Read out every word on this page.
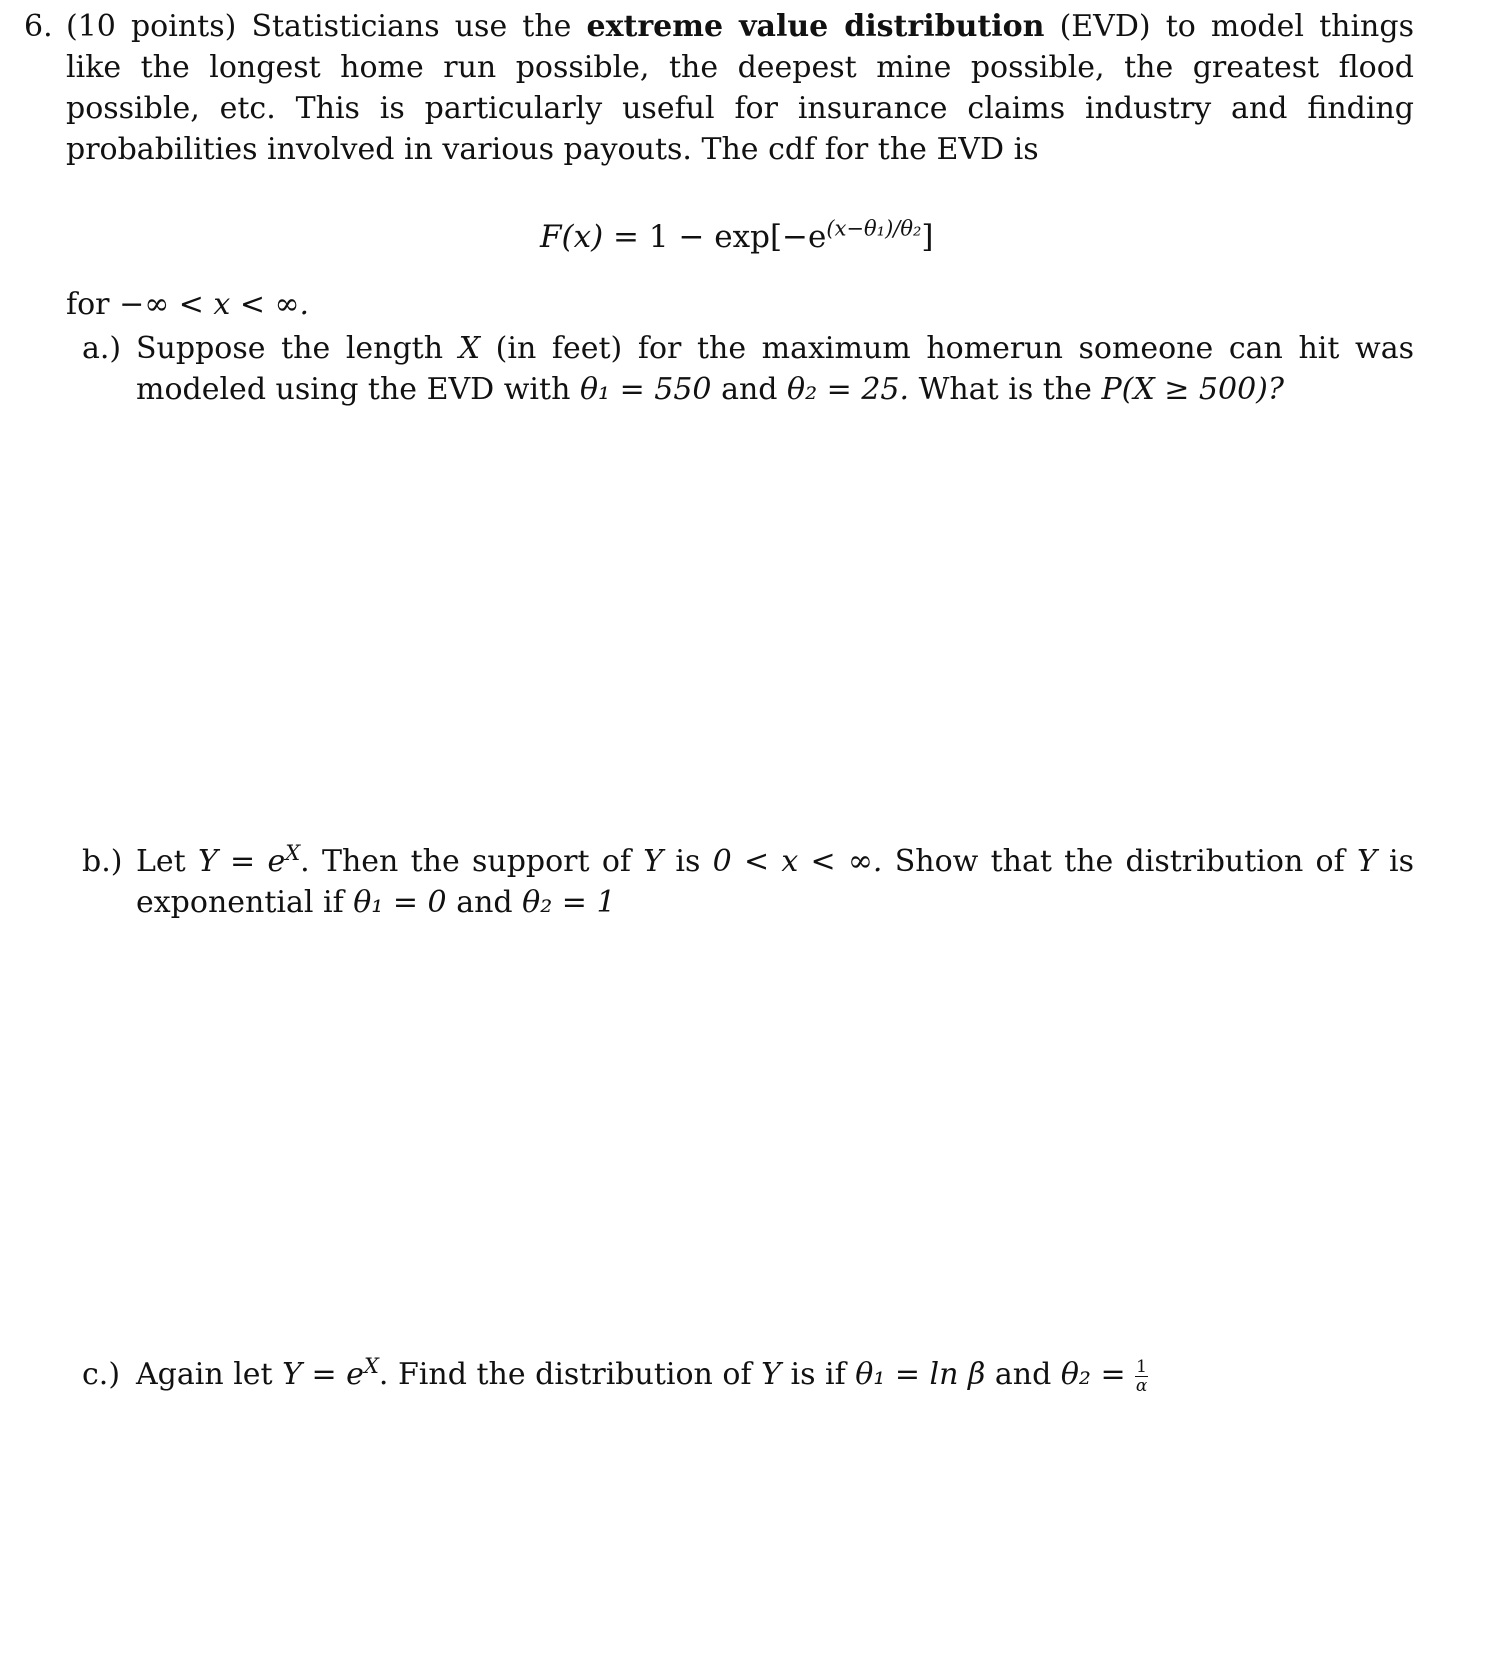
6. (10 points) Statisticians use the extreme value distribution (EVD) to model things like the longest home run possible, the deepest mine possible, the greatest flood possible, etc. This is particularly useful for insurance claims industry and finding probabilities involved in various payouts. The cdf for the EVD is
$F(x) = 1 - \exp[-e^{(x-\theta_1)/\theta_2}]$
for −∞ < x < ∞.
a.) Suppose the length X (in feet) for the maximum homerun someone can hit was modeled using the EVD with θ₁ = 550 and θ₂ = 25. What is the P(X ≥ 500)?
b.) Let $Y = e^X$. Then the support of Y is 0 < x < ∞. Show that the distribution of Y is exponential if θ₁ = 0 and θ₂ = 1
c.) Again let $Y = e^X$. Find the distribution of Y is if θ₁ = ln β and $\theta_2 = \frac{1}{\alpha}$
